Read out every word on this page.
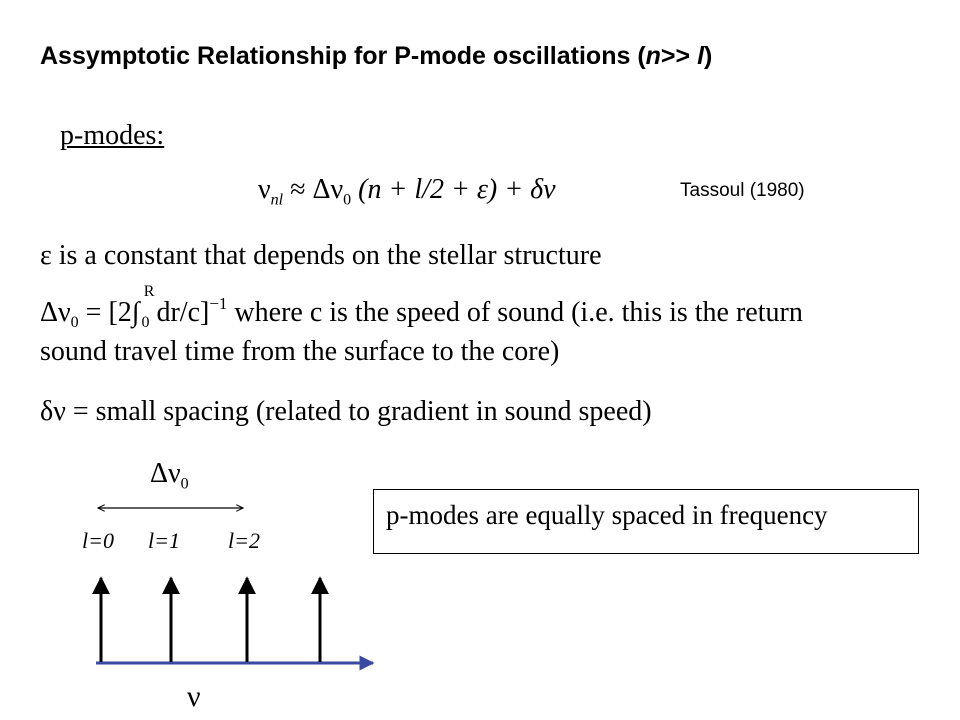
Assymptotic Relationship for P-mode oscillations (n>> l)
p-modes:
$\nu_{nl} \approx \Delta\nu_0$ (n + l/2 + ε) + δν	Tassoul (1980)
ε is a constant that depends on the stellar structure
$\Delta\nu_0 = [2\int$
R
$_0$ dr/c]$^{-1}$ where c is the speed of sound (i.e. this is the return
sound travel time from the surface to the core)
δν = small spacing (related to gradient in sound speed)
$\Delta\nu_0$
l=0 l=1 l=2
ν
p-modes are equally spaced in frequency
